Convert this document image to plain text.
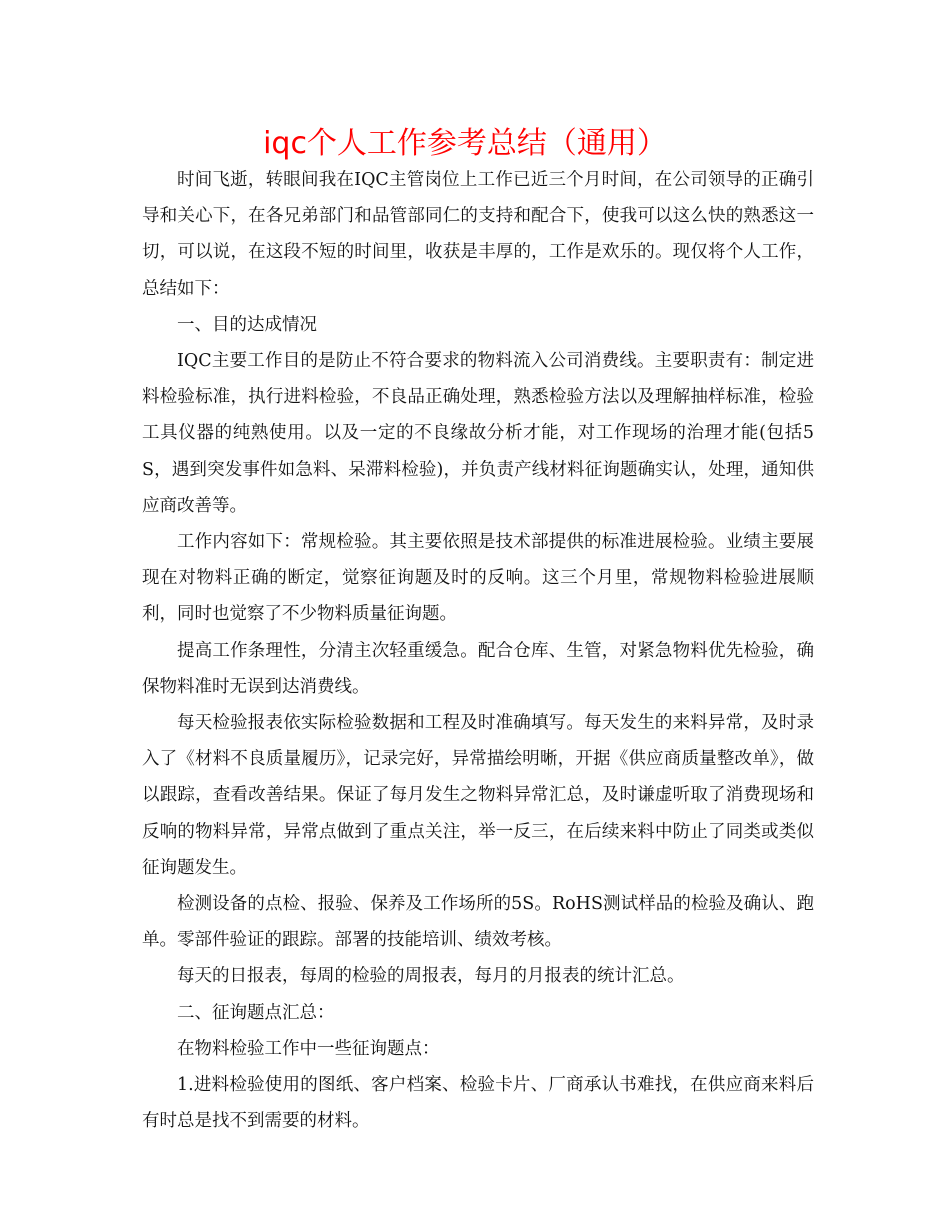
iqc个人工作参考总结（通用）

时间飞逝，转眼间我在IQC主管岗位上工作已近三个月时间，在公司领导的正确引导和关心下，在各兄弟部门和品管部同仁的支持和配合下，使我可以这么快的熟悉这一切，可以说，在这段不短的时间里，收获是丰厚的，工作是欢乐的。现仅将个人工作，总结如下：

一、目的达成情况

IQC主要工作目的是防止不符合要求的物料流入公司消费线。主要职责有：制定进料检验标准，执行进料检验，不良品正确处理，熟悉检验方法以及理解抽样标准，检验工具仪器的纯熟使用。以及一定的不良缘故分析才能，对工作现场的治理才能(包括5S，遇到突发事件如急料、呆滞料检验)，并负责产线材料征询题确实认，处理，通知供应商改善等。

工作内容如下：常规检验。其主要依照是技术部提供的标准进展检验。业绩主要展现在对物料正确的断定，觉察征询题及时的反响。这三个月里，常规物料检验进展顺利，同时也觉察了不少物料质量征询题。

提高工作条理性，分清主次轻重缓急。配合仓库、生管，对紧急物料优先检验，确保物料准时无误到达消费线。

每天检验报表依实际检验数据和工程及时准确填写。每天发生的来料异常，及时录入了《材料不良质量履历》，记录完好，异常描绘明晰，开据《供应商质量整改单》，做以跟踪，查看改善结果。保证了每月发生之物料异常汇总，及时谦虚听取了消费现场和反响的物料异常，异常点做到了重点关注，举一反三，在后续来料中防止了同类或类似征询题发生。

检测设备的点检、报验、保养及工作场所的5S。RoHS测试样品的检验及确认、跑单。零部件验证的跟踪。部署的技能培训、绩效考核。

每天的日报表，每周的检验的周报表，每月的月报表的统计汇总。

二、征询题点汇总：

在物料检验工作中一些征询题点：

1.进料检验使用的图纸、客户档案、检验卡片、厂商承认书难找，在供应商来料后有时总是找不到需要的材料。
